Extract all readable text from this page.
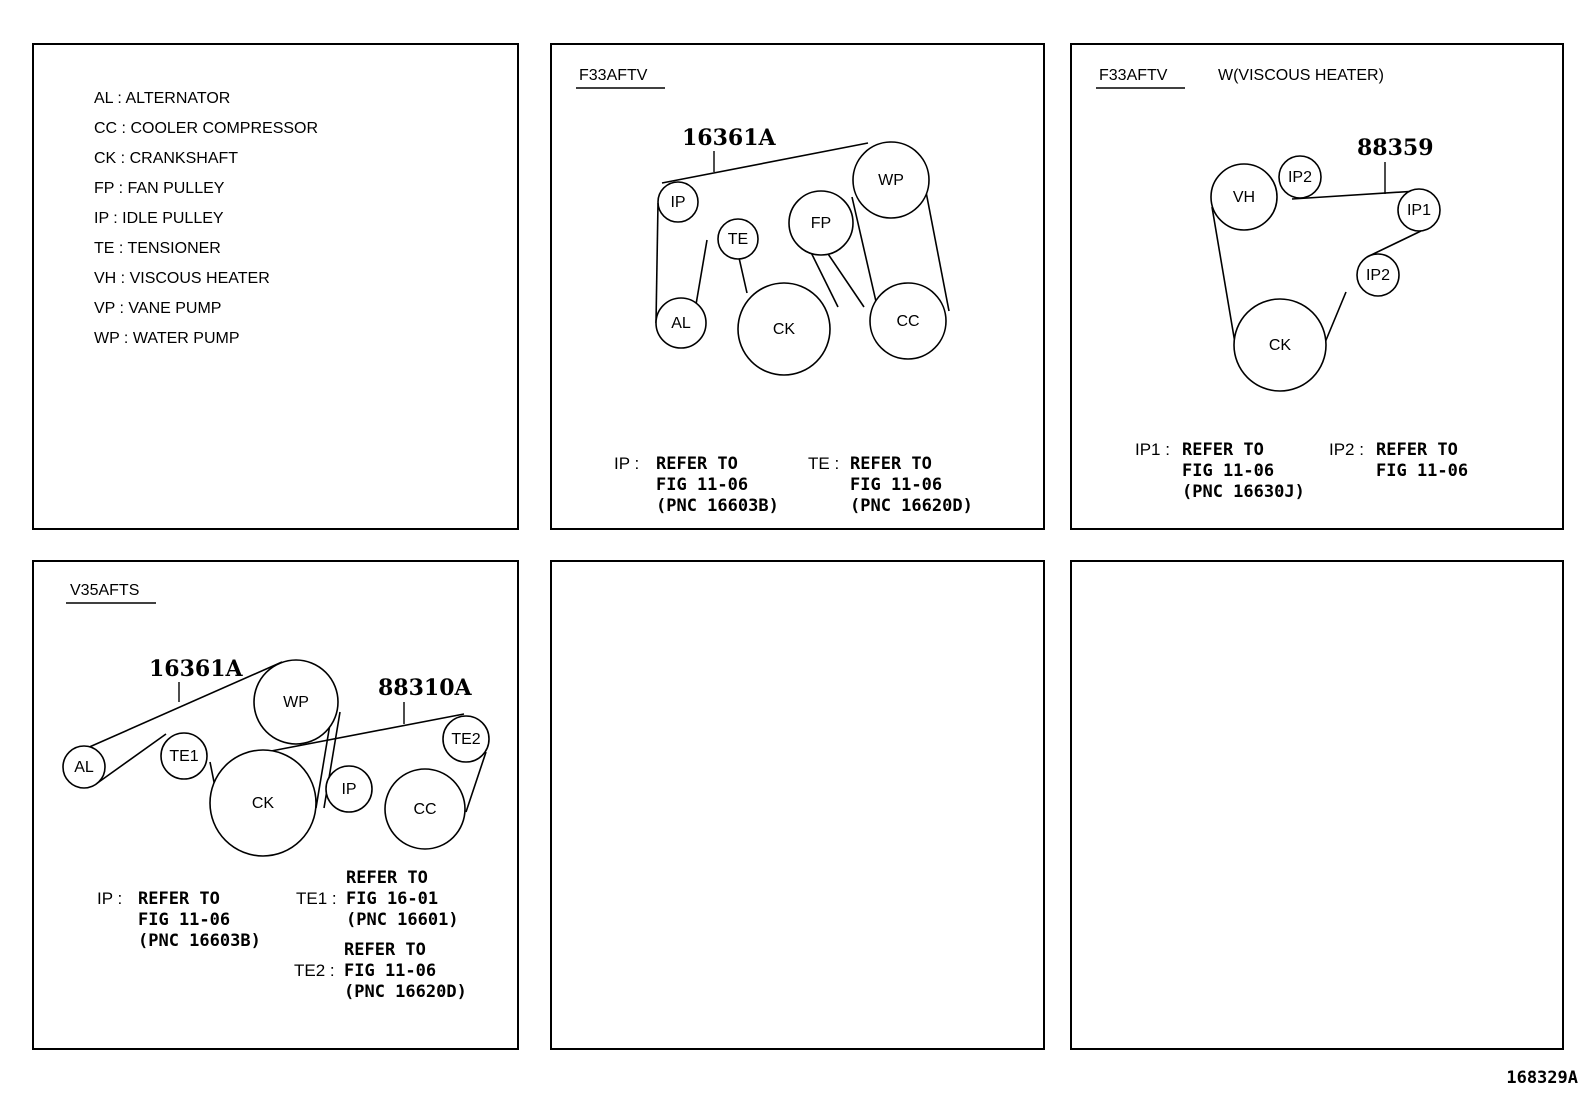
AL : ALTERNATOR
CC : COOLER COMPRESSOR
CK : CRANKSHAFT
FP : FAN PULLEY
IP : IDLE PULLEY
TE : TENSIONER
VH : VISCOUS HEATER
VP : VANE PUMP
WP : WATER PUMP
F33AFTV
16361A
IP
TE
FP
WP
AL	CK	CC
IP : REFER TO
FIG 11-06
(PNC 16603B)
TE : REFER TO
FIG 11-06
(PNC 16620D)
F33AFTV	W(VISCOUS HEATER)
88359
VH
IP2
IP1
IP2
CK
IP1 : REFER TO
FIG 11-06
(PNC 16630J)
IP2 : REFER TO
FIG 11-06
V35AFTS
16361A
88310A
AL
TE1
WP
CK
IP
CC
TE2
IP : REFER TO
FIG 11-06
(PNC 16603B)
REFER TO
TE1 : FIG 16-01
(PNC 16601)
REFER TO
TE2 : FIG 11-06
(PNC 16620D)
168329A
